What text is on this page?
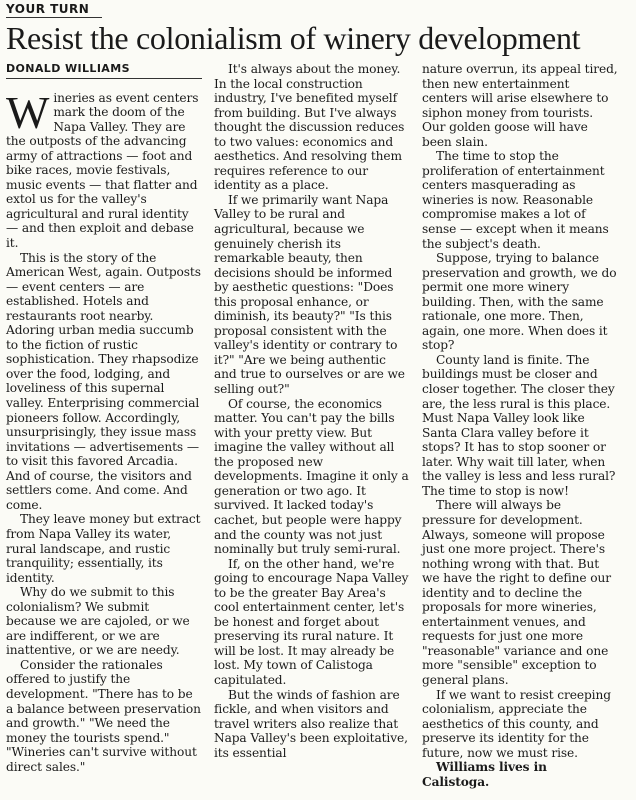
YOUR TURN
Resist the colonialism of winery development
DONALD WILLIAMS

Wineries as event centers mark the doom of the Napa Valley. They are the outposts of the advancing army of attractions — foot and bike races, movie festivals, music events — that flatter and extol us for the valley's agricultural and rural identity — and then exploit and debase it.

This is the story of the American West, again. Outposts — event centers — are established. Hotels and restaurants root nearby. Adoring urban media succumb to the fiction of rustic sophistication. They rhapsodize over the food, lodging, and loveliness of this supernal valley. Enterprising commercial pioneers follow. Accordingly, unsurprisingly, they issue mass invitations — advertisements — to visit this favored Arcadia. And of course, the visitors and settlers come. And come. And come.

They leave money but extract from Napa Valley its water, rural landscape, and rustic tranquility; essentially, its identity.

Why do we submit to this colonialism? We submit because we are cajoled, or we are indifferent, or we are inattentive, or we are needy.

Consider the rationales offered to justify the development. "There has to be a balance between preservation and growth." "We need the money the tourists spend." "Wineries can't survive without direct sales."

It's always about the money. In the local construction industry, I've benefited myself from building. But I've always thought the discussion reduces to two values: economics and aesthetics. And resolving them requires reference to our identity as a place.

If we primarily want Napa Valley to be rural and agricultural, because we genuinely cherish its remarkable beauty, then decisions should be informed by aesthetic questions: "Does this proposal enhance, or diminish, its beauty?" "Is this proposal consistent with the valley's identity or contrary to it?" "Are we being authentic and true to ourselves or are we selling out?"

Of course, the economics matter. You can't pay the bills with your pretty view. But imagine the valley without all the proposed new developments. Imagine it only a generation or two ago. It survived. It lacked today's cachet, but people were happy and the county was not just nominally but truly semi-rural.

If, on the other hand, we're going to encourage Napa Valley to be the greater Bay Area's cool entertainment center, let's be honest and forget about preserving its rural nature. It will be lost. It may already be lost. My town of Calistoga capitulated.

But the winds of fashion are fickle, and when visitors and travel writers also realize that Napa Valley's been exploitative, its essential

nature overrun, its appeal tired, then new entertainment centers will arise elsewhere to siphon money from tourists. Our golden goose will have been slain.

The time to stop the proliferation of entertainment centers masquerading as wineries is now. Reasonable compromise makes a lot of sense — except when it means the subject's death.

Suppose, trying to balance preservation and growth, we do permit one more winery building. Then, with the same rationale, one more. Then, again, one more. When does it stop?

County land is finite. The buildings must be closer and closer together. The closer they are, the less rural is this place. Must Napa Valley look like Santa Clara valley before it stops? It has to stop sooner or later. Why wait till later, when the valley is less and less rural? The time to stop is now!

There will always be pressure for development. Always, someone will propose just one more project. There's nothing wrong with that. But we have the right to define our identity and to decline the proposals for more wineries, entertainment venues, and requests for just one more "reasonable" variance and one more "sensible" exception to general plans.

If we want to resist creeping colonialism, appreciate the aesthetics of this county, and preserve its identity for the future, now we must rise.

Williams lives in Calistoga.
